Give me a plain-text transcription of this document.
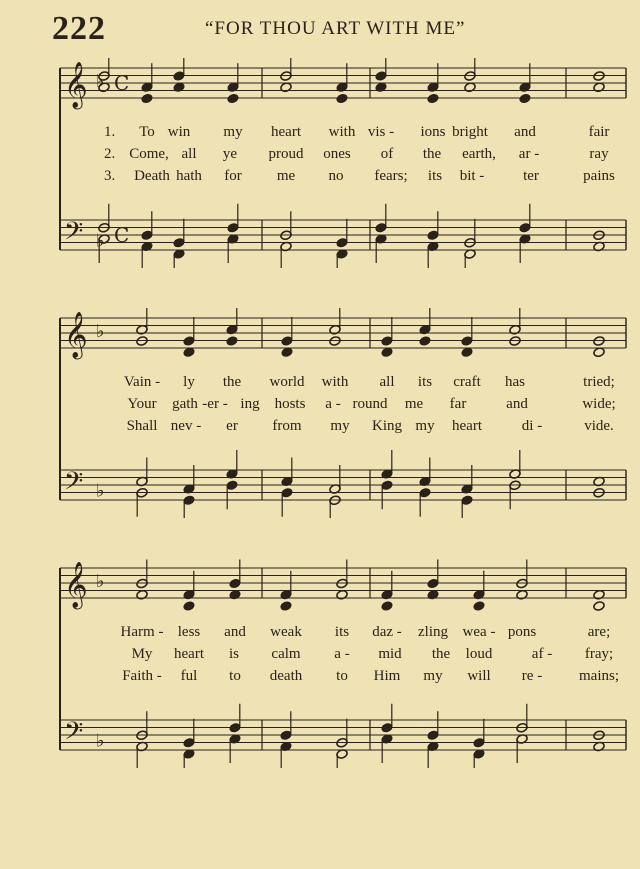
222	“FOR THOU ART WITH ME”
𝄞
𝄢
♭
♭
C
C
1. To win my heart with vis - ions bright and	fair
2. Come, all ye proud ones of the earth, ar -	ray
3. Death hath for me no fears; its bit -	ter	pains
𝄞
𝄢
♭
♭
Vain - ly the world with all its craft has	tried;
Your gath -er - ing hosts a - round me far	and	wide;
Shall nev - er from my King my heart	di -	vide.
𝄞
𝄢
♭
♭
Harm - less and weak its daz - zling wea - pons	are;
My heart is calm a - mid the loud	af - fray;
Faith - ful to death to Him my will re - mains;
